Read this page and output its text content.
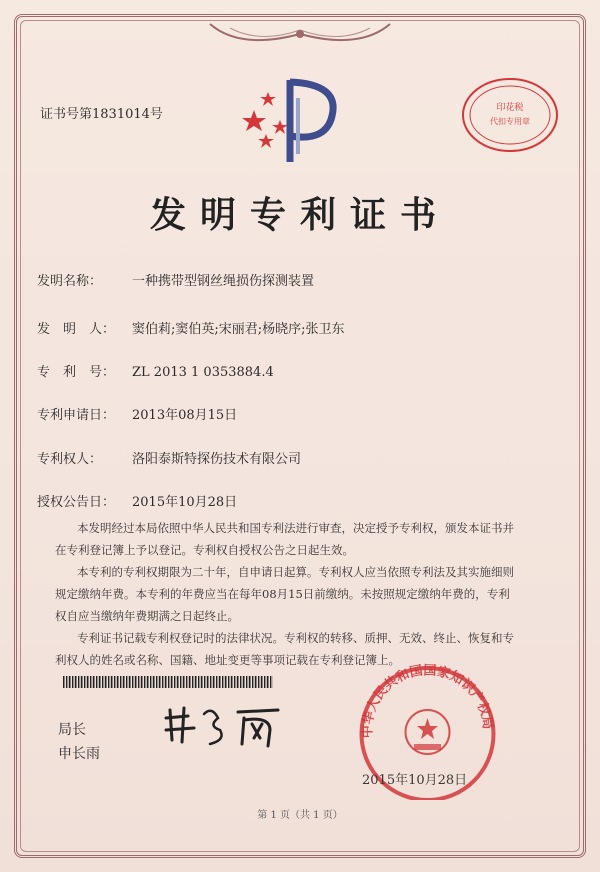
证书号第1831014号	印花税
代扣专用章
发明专利证书
发明名称： 一种携带型钢丝绳损伤探测装置
发　明　人： 窦伯莉;窦伯英;宋丽君;杨晓序;张卫东
专　利　号： ZL 2013 1 0353884.4
专利申请日： 2013年08月15日
专利权人： 洛阳泰斯特探伤技术有限公司
授权公告日： 2015年10月28日

本发明经过本局依照中华人民共和国专利法进行审查，决定授予专利权，颁发本证书并在专利登记簿上予以登记。专利权自授权公告之日起生效。

本专利的专利权期限为二十年，自申请日起算。专利权人应当依照专利法及其实施细则规定缴纳年费。本专利的年费应当在每年08月15日前缴纳。未按照规定缴纳年费的，专利权自应当缴纳年费期满之日起终止。

专利证书记载专利权登记时的法律状况。专利权的转移、质押、无效、终止、恢复和专利权人的姓名或名称、国籍、地址变更等事项记载在专利登记簿上。

局长
申长雨
中华人民共和国国家知识产权局
2015年10月28日
第 1 页（共 1 页）
